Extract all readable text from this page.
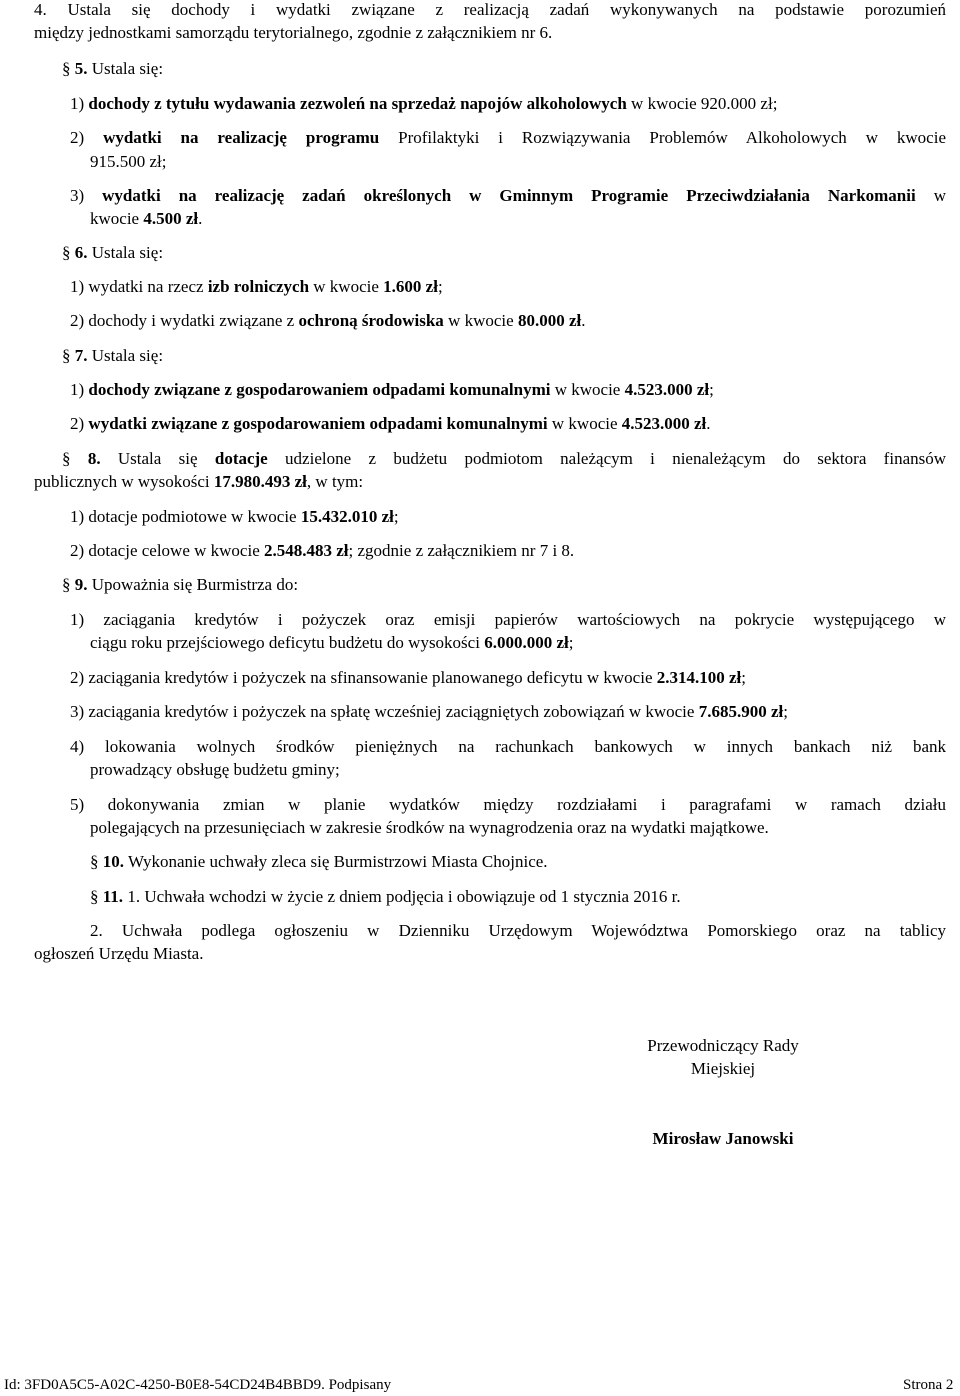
4. Ustala się dochody i wydatki związane z realizacją zadań wykonywanych na podstawie porozumień
między jednostkami samorządu terytorialnego, zgodnie z załącznikiem nr 6.
§ 5. Ustala się:
1) dochody z tytułu wydawania zezwoleń na sprzedaż napojów alkoholowych w kwocie 920.000 zł;
2) wydatki na realizację programu Profilaktyki i Rozwiązywania Problemów Alkoholowych w kwocie
915.500 zł;
3) wydatki na realizację zadań określonych w Gminnym Programie Przeciwdziałania Narkomanii w
kwocie 4.500 zł.
§ 6. Ustala się:
1) wydatki na rzecz izb rolniczych w kwocie 1.600 zł;
2) dochody i wydatki związane z ochroną środowiska w kwocie 80.000 zł.
§ 7. Ustala się:
1) dochody związane z gospodarowaniem odpadami komunalnymi w kwocie 4.523.000 zł;
2) wydatki związane z gospodarowaniem odpadami komunalnymi w kwocie 4.523.000 zł.
§ 8. Ustala się dotacje udzielone z budżetu podmiotom należącym i nienależącym do sektora finansów
publicznych w wysokości 17.980.493 zł, w tym:
1) dotacje podmiotowe w kwocie 15.432.010 zł;
2) dotacje celowe w kwocie 2.548.483 zł; zgodnie z załącznikiem nr 7 i 8.
§ 9. Upoważnia się Burmistrza do:
1) zaciągania kredytów i pożyczek oraz emisji papierów wartościowych na pokrycie występującego w
ciągu roku przejściowego deficytu budżetu do wysokości 6.000.000 zł;
2) zaciągania kredytów i pożyczek na sfinansowanie planowanego deficytu w kwocie 2.314.100 zł;
3) zaciągania kredytów i pożyczek na spłatę wcześniej zaciągniętych zobowiązań w kwocie 7.685.900 zł;
4) lokowania wolnych środków pieniężnych na rachunkach bankowych w innych bankach niż bank
prowadzący obsługę budżetu gminy;
5) dokonywania zmian w planie wydatków między rozdziałami i paragrafami w ramach działu
polegających na przesunięciach w zakresie środków na wynagrodzenia oraz na wydatki majątkowe.
§ 10. Wykonanie uchwały zleca się Burmistrzowi Miasta Chojnice.
§ 11. 1. Uchwała wchodzi w życie z dniem podjęcia i obowiązuje od 1 stycznia 2016 r.
2. Uchwała podlega ogłoszeniu w Dzienniku Urzędowym Województwa Pomorskiego oraz na tablicy
ogłoszeń Urzędu Miasta.
Przewodniczący Rady
Miejskiej
Mirosław Janowski
Id: 3FD0A5C5-A02C-4250-B0E8-54CD24B4BBD9. Podpisany	Strona 2
